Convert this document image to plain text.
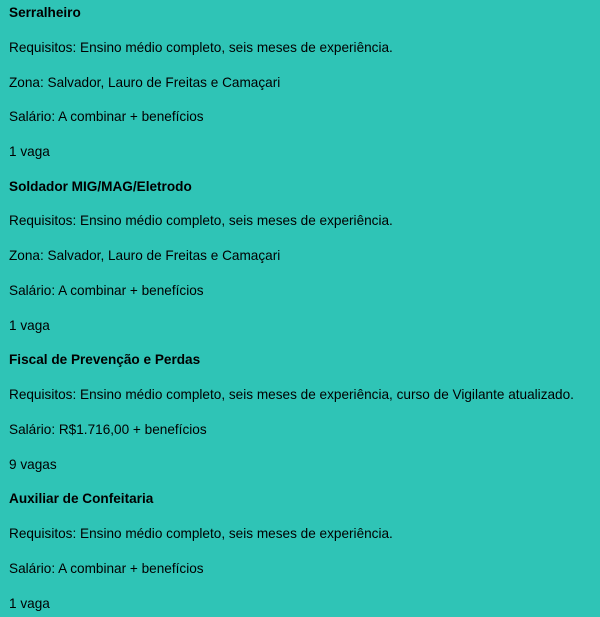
Serralheiro
Requisitos: Ensino médio completo, seis meses de experiência.
Zona: Salvador, Lauro de Freitas e Camaçari
Salário: A combinar + benefícios
1 vaga
Soldador MIG/MAG/Eletrodo
Requisitos: Ensino médio completo, seis meses de experiência.
Zona: Salvador, Lauro de Freitas e Camaçari
Salário: A combinar + benefícios
1 vaga
Fiscal de Prevenção e Perdas
Requisitos: Ensino médio completo, seis meses de experiência, curso de Vigilante atualizado.
Salário: R$1.716,00 + benefícios
9 vagas
Auxiliar de Confeitaria
Requisitos: Ensino médio completo, seis meses de experiência.
Salário: A combinar + benefícios
1 vaga
